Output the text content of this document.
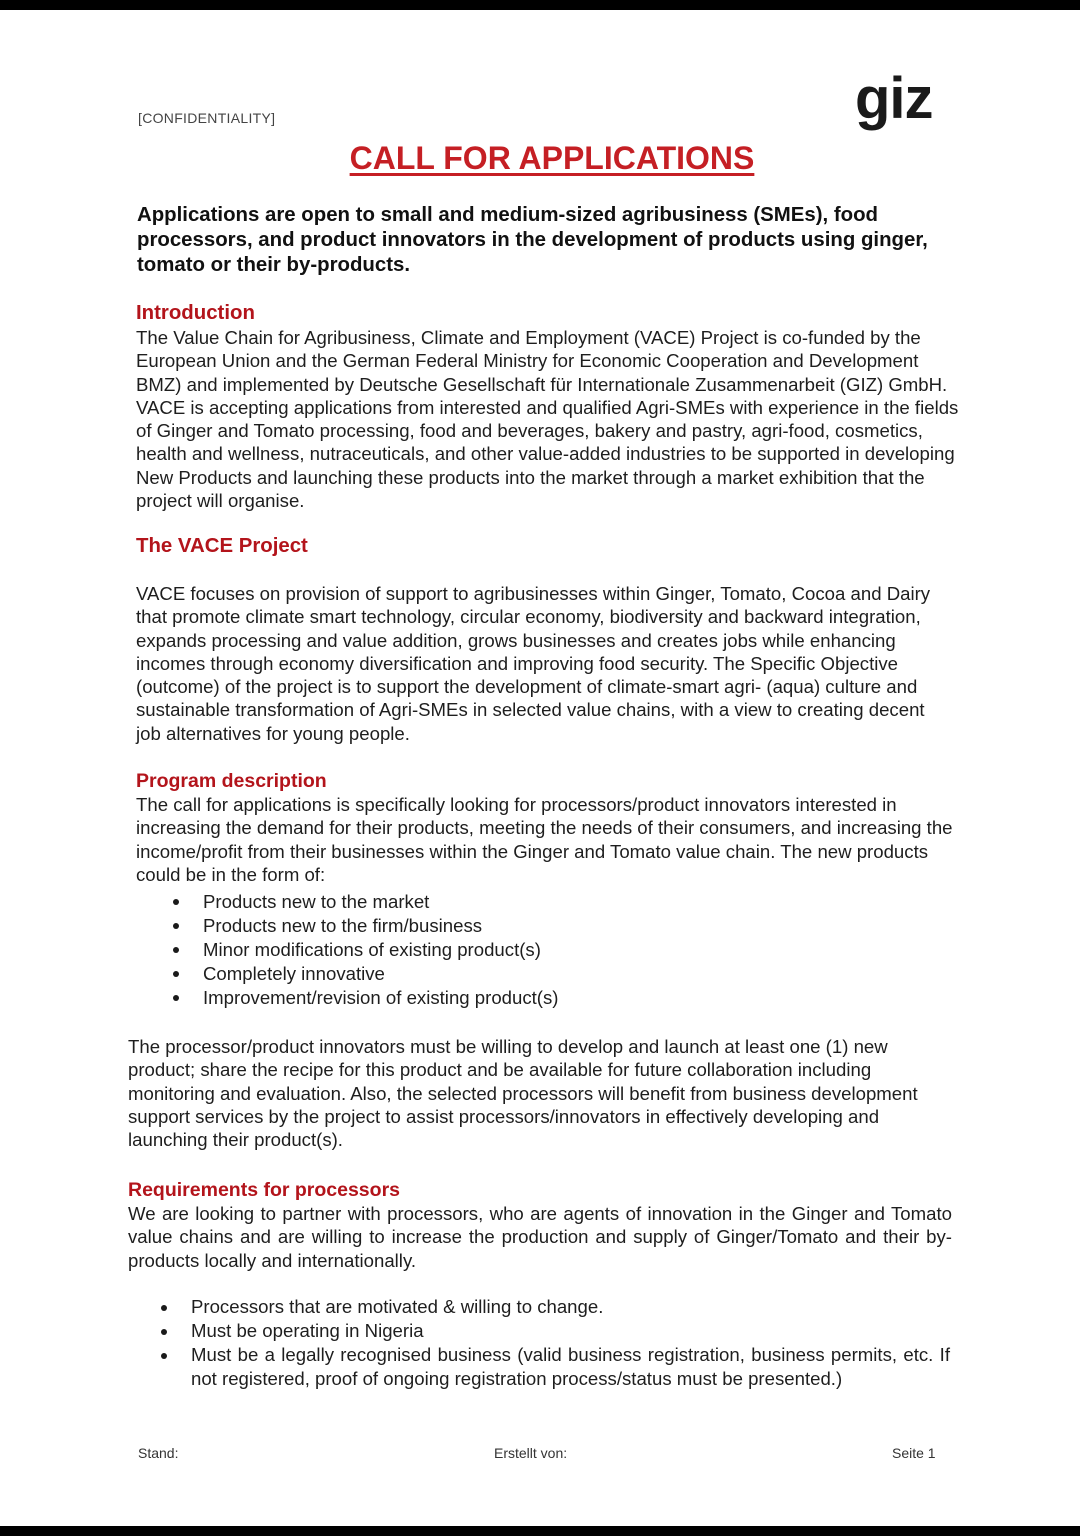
[CONFIDENTIALITY]	giz
CALL FOR APPLICATIONS

Applications are open to small and medium-sized agribusiness (SMEs), food processors, and product innovators in the development of products using ginger, tomato or their by-products.

Introduction

The Value Chain for Agribusiness, Climate and Employment (VACE) Project is co-funded by the European Union and the German Federal Ministry for Economic Cooperation and Development BMZ) and implemented by Deutsche Gesellschaft für Internationale Zusammenarbeit (GIZ) GmbH. VACE is accepting applications from interested and qualified Agri-SMEs with experience in the fields of Ginger and Tomato processing, food and beverages, bakery and pastry, agri-food, cosmetics, health and wellness, nutraceuticals, and other value-added industries to be supported in developing New Products and launching these products into the market through a market exhibition that the project will organise.

The VACE Project

VACE focuses on provision of support to agribusinesses within Ginger, Tomato, Cocoa and Dairy that promote climate smart technology, circular economy, biodiversity and backward integration, expands processing and value addition, grows businesses and creates jobs while enhancing incomes through economy diversification and improving food security. The Specific Objective (outcome) of the project is to support the development of climate-smart agri- (aqua) culture and sustainable transformation of Agri-SMEs in selected value chains, with a view to creating decent job alternatives for young people.

Program description

The call for applications is specifically looking for processors/product innovators interested in increasing the demand for their products, meeting the needs of their consumers, and increasing the income/profit from their businesses within the Ginger and Tomato value chain. The new products could be in the form of:

Products new to the market
Products new to the firm/business
Minor modifications of existing product(s)
Completely innovative
Improvement/revision of existing product(s)

The processor/product innovators must be willing to develop and launch at least one (1) new product; share the recipe for this product and be available for future collaboration including monitoring and evaluation. Also, the selected processors will benefit from business development support services by the project to assist processors/innovators in effectively developing and launching their product(s).

Requirements for processors

We are looking to partner with processors, who are agents of innovation in the Ginger and Tomato value chains and are willing to increase the production and supply of Ginger/Tomato and their by-products locally and internationally.

Processors that are motivated & willing to change.
Must be operating in Nigeria
Must be a legally recognised business (valid business registration, business permits, etc. If not registered, proof of ongoing registration process/status must be presented.)
Stand:	Erstellt von:	Seite 1
